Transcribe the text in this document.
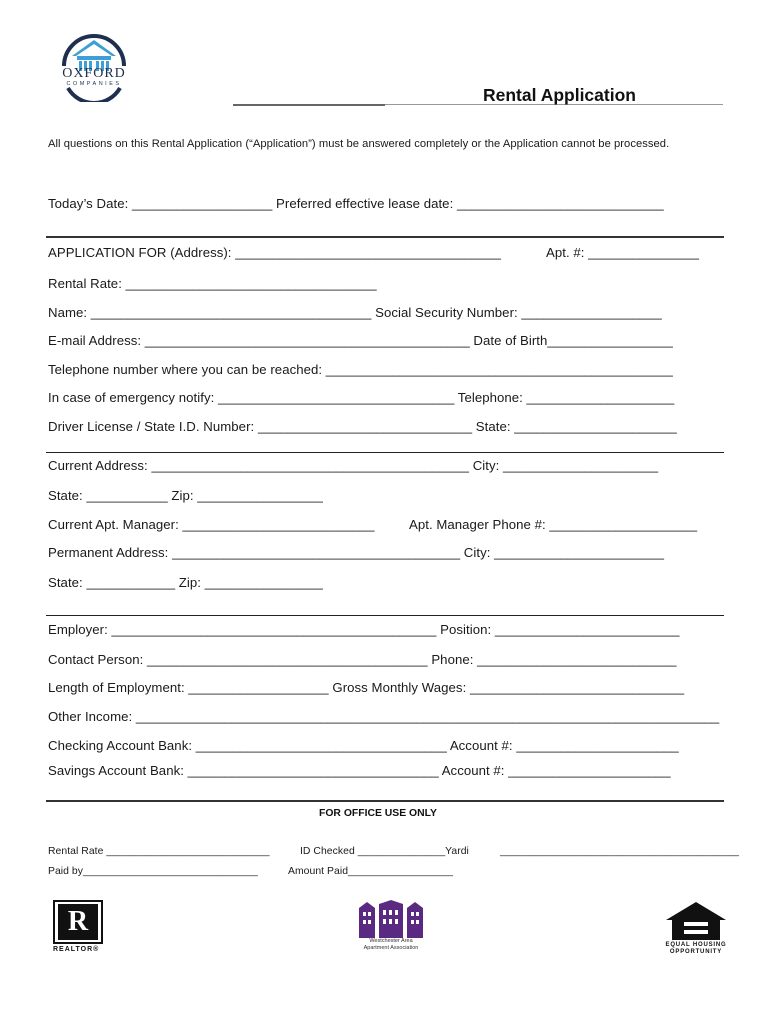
OXFORD
COMPANIES
Rental Application
All questions on this Rental Application (“Application”) must be answered completely or the Application cannot be processed.
Today’s Date: ___________________ Preferred effective lease date: ____________________________
APPLICATION FOR (Address): ____________________________________	Apt. #: _______________
Rental Rate: __________________________________
Name: ______________________________________ Social Security Number: ___________________
E-mail Address: ____________________________________________ Date of Birth_________________
Telephone number where you can be reached: _______________________________________________
In case of emergency notify: ________________________________ Telephone: ____________________
Driver License / State I.D. Number: _____________________________ State: ______________________
Current Address: ___________________________________________ City: _____________________
State: ___________ Zip: _________________
Current Apt. Manager: __________________________	Apt. Manager Phone #: ____________________
Permanent Address: _______________________________________ City: _______________________
State: ____________ Zip: ________________
Employer: ____________________________________________ Position: _________________________
Contact Person: ______________________________________ Phone: ___________________________
Length of Employment: ___________________ Gross Monthly Wages: _____________________________
Other Income: _______________________________________________________________________________
Checking Account Bank: __________________________________ Account #: ______________________
Savings Account Bank: __________________________________ Account #: ______________________
FOR OFFICE USE ONLY
Rental Rate ____________________________	ID Checked _______________Yardi	_________________________________________
Paid by______________________________	Amount Paid__________________
R
REALTOR®
Westchester Area
Apartment Association	EQUAL HOUSING
OPPORTUNITY
